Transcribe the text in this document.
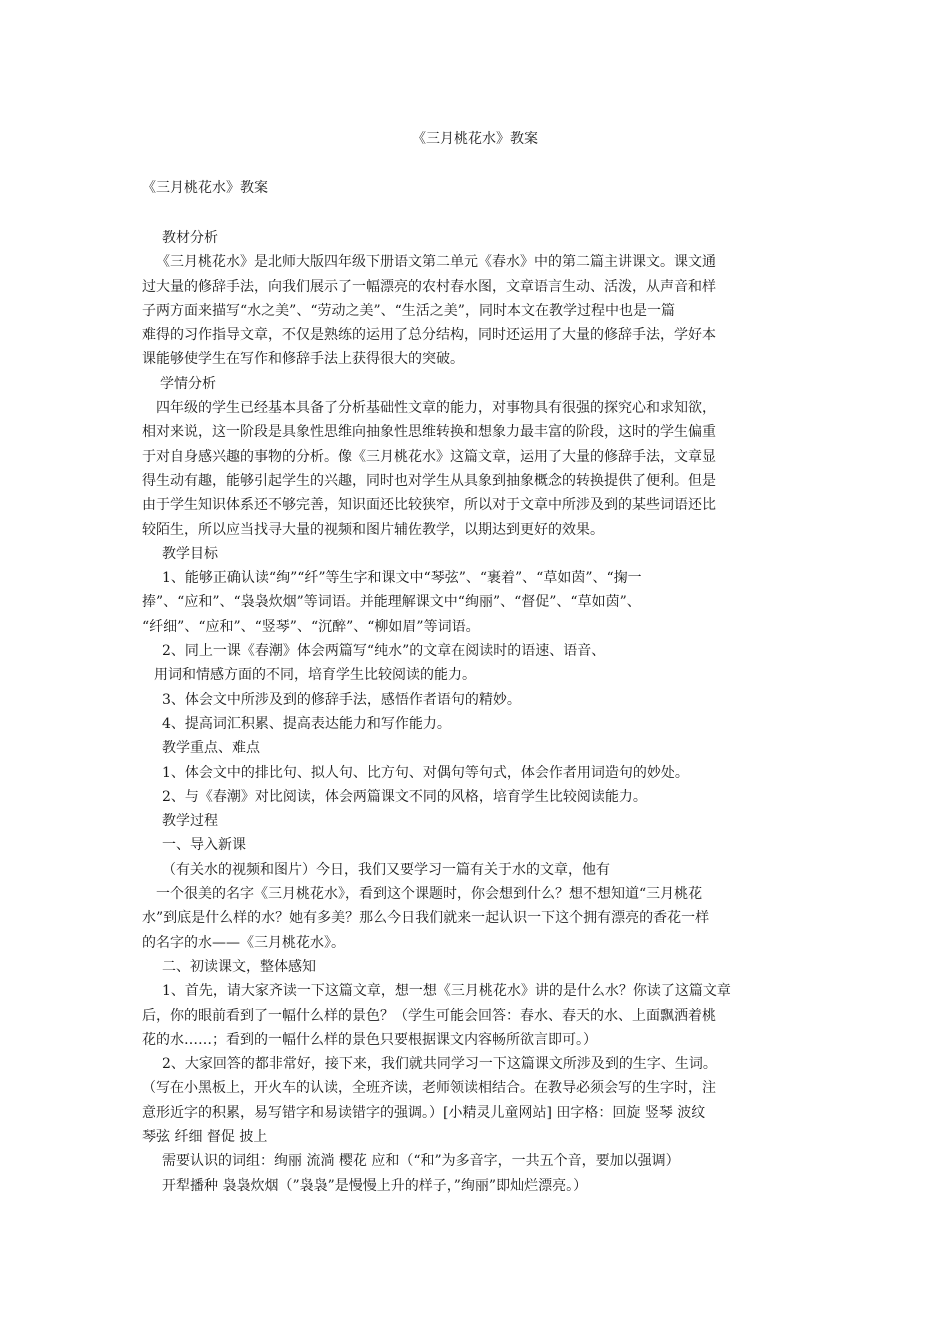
《三月桃花水》教案
《三月桃花水》教案
教材分析
《三月桃花水》是北师大版四年级下册语文第二单元《春水》中的第二篇主讲课文。课文通
过大量的修辞手法，向我们展示了一幅漂亮的农村春水图，文章语言生动、活泼，从声音和样
子两方面来描写“水之美”、“劳动之美”、“生活之美”，同时本文在教学过程中也是一篇
难得的习作指导文章，不仅是熟练的运用了总分结构，同时还运用了大量的修辞手法，学好本
课能够使学生在写作和修辞手法上获得很大的突破。
学情分析
四年级的学生已经基本具备了分析基础性文章的能力，对事物具有很强的探究心和求知欲，
相对来说，这一阶段是具象性思维向抽象性思维转换和想象力最丰富的阶段，这时的学生偏重
于对自身感兴趣的事物的分析。像《三月桃花水》这篇文章，运用了大量的修辞手法，文章显
得生动有趣，能够引起学生的兴趣，同时也对学生从具象到抽象概念的转换提供了便利。但是
由于学生知识体系还不够完善，知识面还比较狭窄，所以对于文章中所涉及到的某些词语还比
较陌生，所以应当找寻大量的视频和图片辅佐教学，以期达到更好的效果。
教学目标
1、能够正确认读“绚”“纤”等生字和课文中“琴弦”、“裹着”、“草如茵”、“掬一
捧”、“应和”、“袅袅炊烟”等词语。并能理解课文中“绚丽”、“督促”、“草如茵”、
“纤细”、“应和”、“竖琴”、“沉醉”、“柳如眉”等词语。
2、同上一课《春潮》体会两篇写“纯水”的文章在阅读时的语速、语音、
用词和情感方面的不同，培育学生比较阅读的能力。
3、体会文中所涉及到的修辞手法，感悟作者语句的精妙。
4、提高词汇积累、提高表达能力和写作能力。
教学重点、难点
1、体会文中的排比句、拟人句、比方句、对偶句等句式，体会作者用词造句的妙处。
2、与《春潮》对比阅读，体会两篇课文不同的风格，培育学生比较阅读能力。
教学过程
一、导入新课
（有关水的视频和图片）今日，我们又要学习一篇有关于水的文章，他有
一个很美的名字《三月桃花水》，看到这个课题时，你会想到什么？想不想知道“三月桃花
水”到底是什么样的水？她有多美？那么今日我们就来一起认识一下这个拥有漂亮的香花一样
的名字的水——《三月桃花水》。
二、初读课文，整体感知
1、首先，请大家齐读一下这篇文章，想一想《三月桃花水》讲的是什么水？你读了这篇文章
后，你的眼前看到了一幅什么样的景色？（学生可能会回答：春水、春天的水、上面飘洒着桃
花的水……；看到的一幅什么样的景色只要根据课文内容畅所欲言即可。）
2、大家回答的都非常好，接下来，我们就共同学习一下这篇课文所涉及到的生字、生词。
（写在小黑板上，开火车的认读，全班齐读，老师领读相结合。在教导必须会写的生字时，注
意形近字的积累，易写错字和易读错字的强调。）[小精灵儿童网站] 田字格：回旋 竖琴 波纹
琴弦 纤细 督促 披上
需要认识的词组：绚丽 流淌 樱花 应和（“和”为多音字，一共五个音，要加以强调）
开犁播种 袅袅炊烟（”袅袅”是慢慢上升的样子，”绚丽”即灿烂漂亮。）
